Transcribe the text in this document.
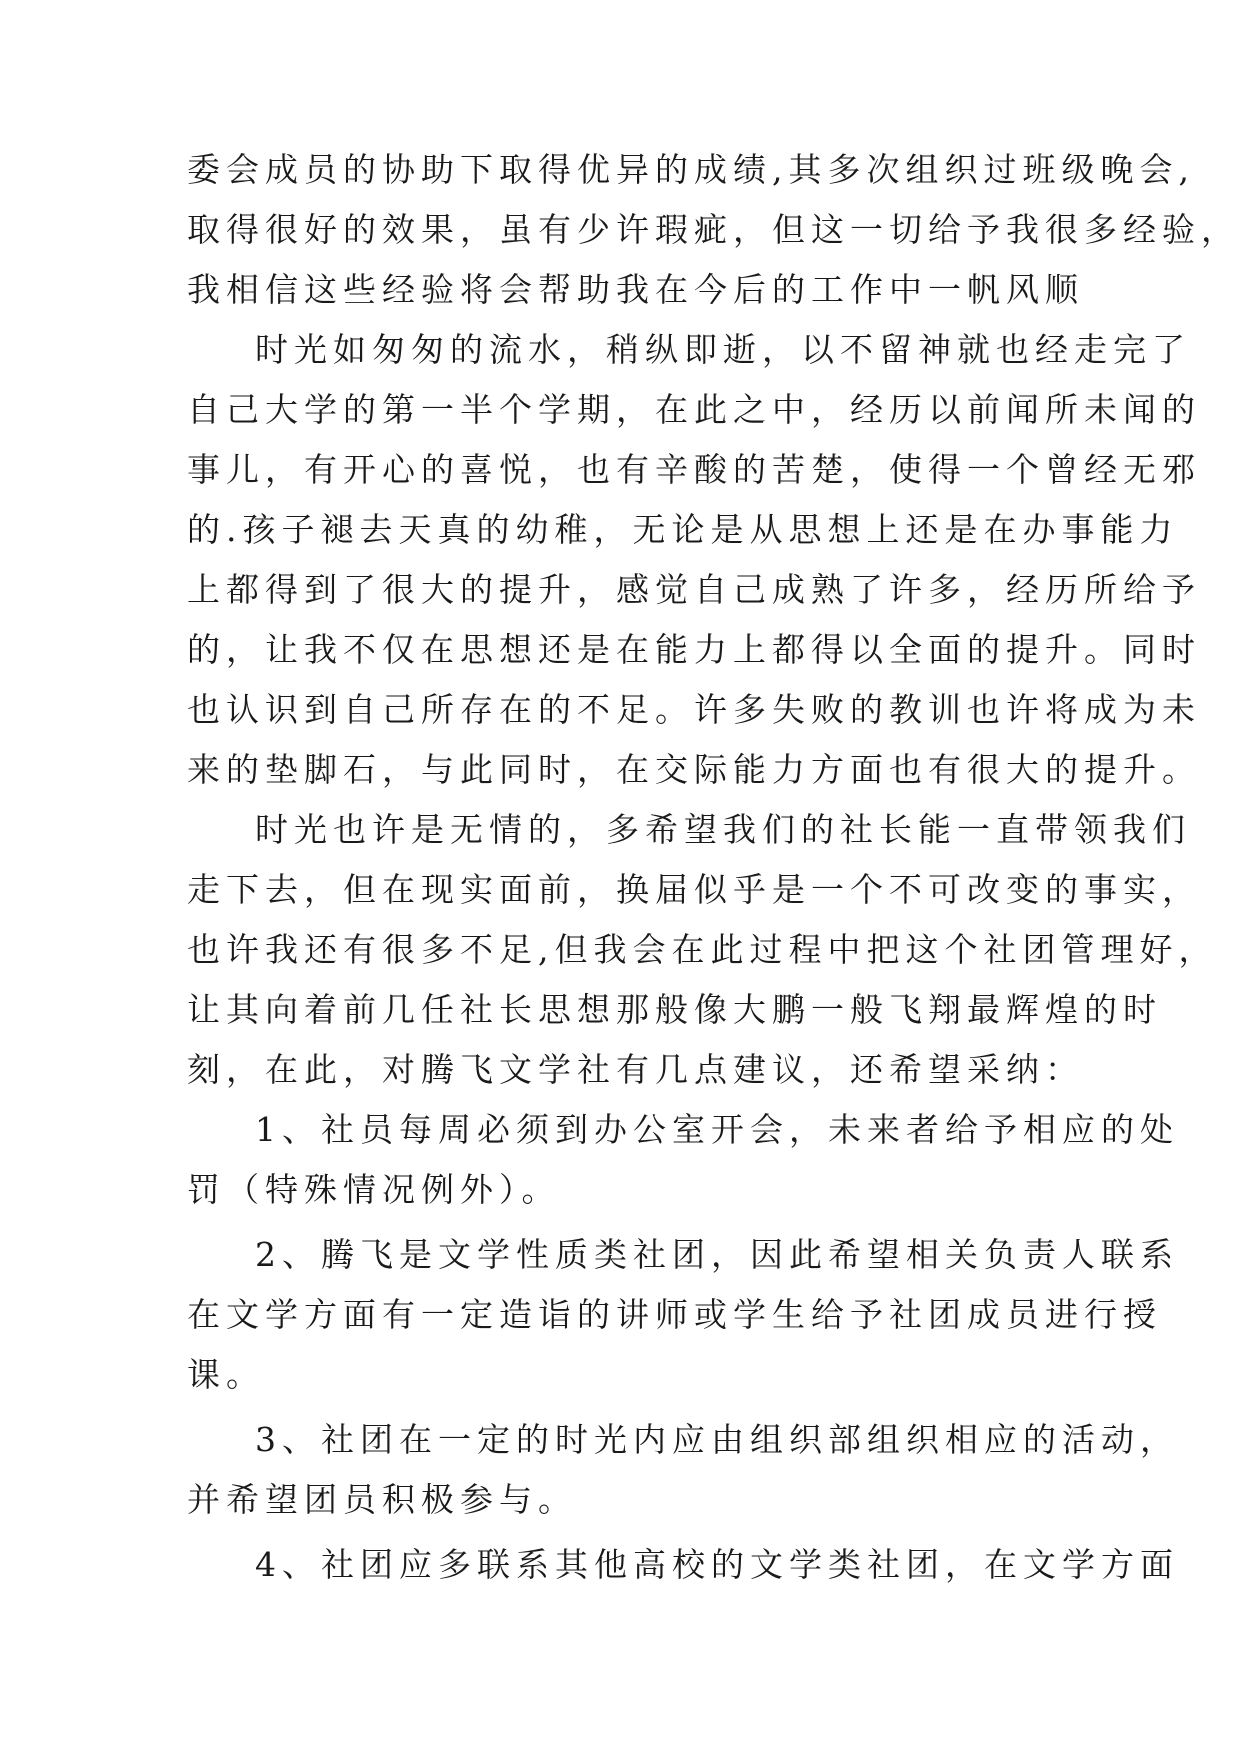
委会成员的协助下取得优异的成绩,其多次组织过班级晚会,
取得很好的效果，虽有少许瑕疵，但这一切给予我很多经验，
我相信这些经验将会帮助我在今后的工作中一帆风顺
时光如匆匆的流水，稍纵即逝，以不留神就也经走完了
自己大学的第一半个学期，在此之中，经历以前闻所未闻的
事儿，有开心的喜悦，也有辛酸的苦楚，使得一个曾经无邪
的.孩子褪去天真的幼稚，无论是从思想上还是在办事能力
上都得到了很大的提升，感觉自己成熟了许多，经历所给予
的，让我不仅在思想还是在能力上都得以全面的提升。同时
也认识到自己所存在的不足。许多失败的教训也许将成为未
来的垫脚石，与此同时，在交际能力方面也有很大的提升。
时光也许是无情的，多希望我们的社长能一直带领我们
走下去，但在现实面前，换届似乎是一个不可改变的事实，
也许我还有很多不足,但我会在此过程中把这个社团管理好，
让其向着前几任社长思想那般像大鹏一般飞翔最辉煌的时
刻，在此，对腾飞文学社有几点建议，还希望采纳：
1、社员每周必须到办公室开会，未来者给予相应的处
罚（特殊情况例外）。
2、腾飞是文学性质类社团，因此希望相关负责人联系
在文学方面有一定造诣的讲师或学生给予社团成员进行授
课。
3、社团在一定的时光内应由组织部组织相应的活动，
并希望团员积极参与。
4、社团应多联系其他高校的文学类社团，在文学方面
